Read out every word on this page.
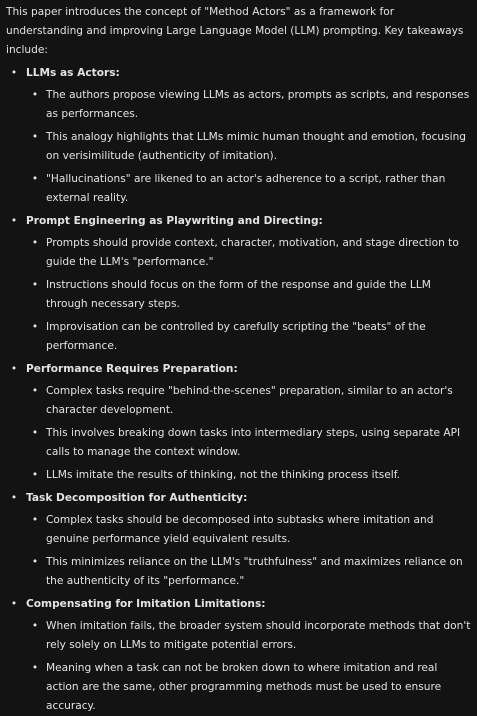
This paper introduces the concept of "Method Actors" as a framework for understanding and improving Large Language Model (LLM) prompting. Key takeaways include:

• LLMs as Actors:
• The authors propose viewing LLMs as actors, prompts as scripts, and responses as performances.
• This analogy highlights that LLMs mimic human thought and emotion, focusing on verisimilitude (authenticity of imitation).
• "Hallucinations" are likened to an actor's adherence to a script, rather than external reality.
• Prompt Engineering as Playwriting and Directing:
• Prompts should provide context, character, motivation, and stage direction to guide the LLM's "performance."
• Instructions should focus on the form of the response and guide the LLM through necessary steps.
• Improvisation can be controlled by carefully scripting the "beats" of the performance.
• Performance Requires Preparation:
• Complex tasks require "behind-the-scenes" preparation, similar to an actor's character development.
• This involves breaking down tasks into intermediary steps, using separate API calls to manage the context window.
• LLMs imitate the results of thinking, not the thinking process itself.
• Task Decomposition for Authenticity:
• Complex tasks should be decomposed into subtasks where imitation and genuine performance yield equivalent results.
• This minimizes reliance on the LLM's "truthfulness" and maximizes reliance on the authenticity of its "performance."
• Compensating for Imitation Limitations:
• When imitation fails, the broader system should incorporate methods that don't rely solely on LLMs to mitigate potential errors.
• Meaning when a task can not be broken down to where imitation and real action are the same, other programming methods must be used to ensure accuracy.
